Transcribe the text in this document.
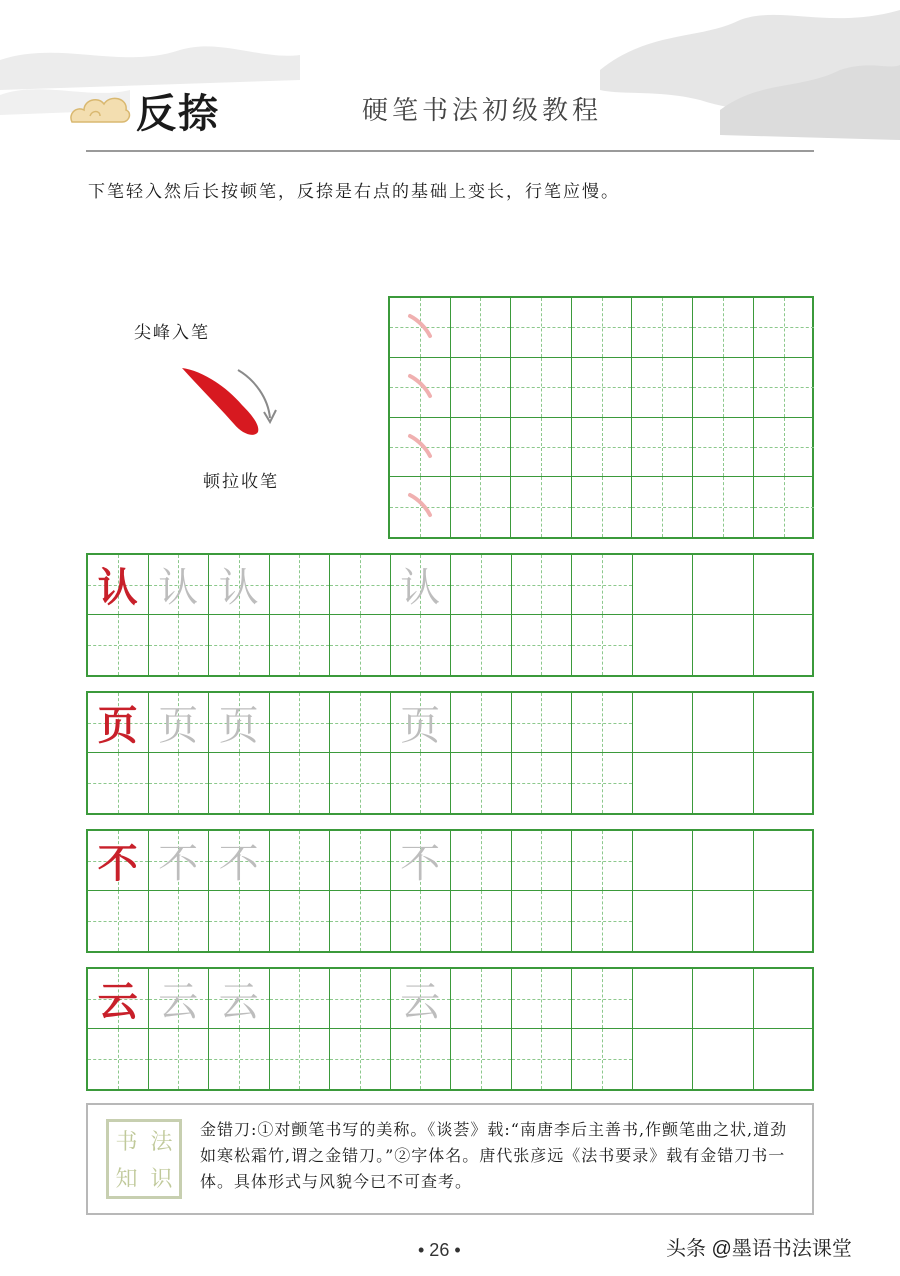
反捺	硬笔书法初级教程
下笔轻入然后长按顿笔，反捺是右点的基础上变长，行笔应慢。
尖峰入笔
顿拉收笔
认 认 认	认
页 页 页	页
不 不 不	不
云 云 云	云
书 法
知 识
金错刀:①对颤笔书写的美称。《谈荟》载:“南唐李后主善书,作颤笔曲之状,道劲如寒松霜竹,谓之金错刀。”②字体名。唐代张彦远《法书要录》载有金错刀书一体。具体形式与风貌今已不可查考。
• 26 •	头条 @墨语书法课堂
